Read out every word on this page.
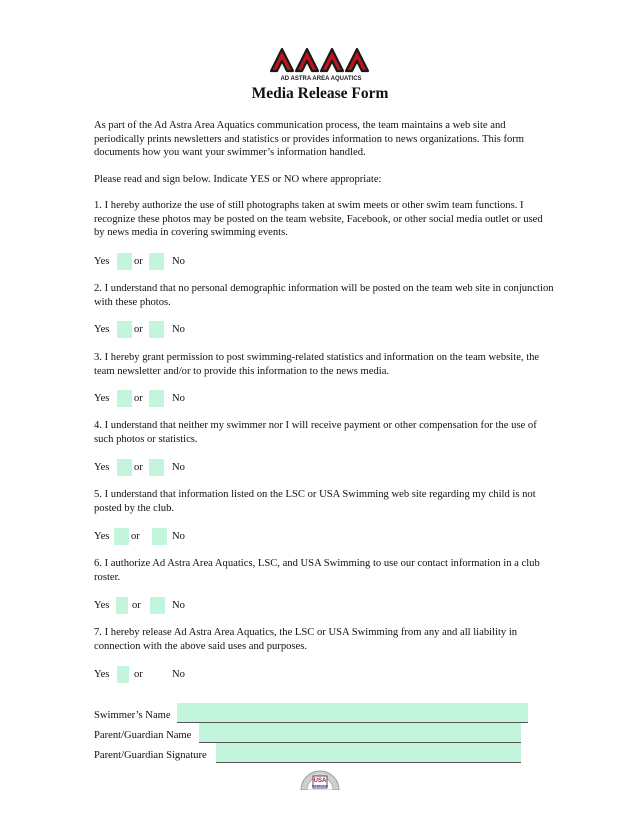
AD ASTRA AREA AQUATICS
Media Release Form

As part of the Ad Astra Area Aquatics communication process, the team maintains a web site and periodically prints newsletters and statistics or provides information to news organizations. This form documents how you want your swimmer’s information handled.

Please read and sign below. Indicate YES or NO where appropriate:

1. I hereby authorize the use of still photographs taken at swim meets or other swim team functions. I recognize these photos may be posted on the team website, Facebook, or other social media outlet or used by news media in covering swimming events.

Yes or	No

2. I understand that no personal demographic information will be posted on the team web site in conjunction with these photos.

Yes or	No

3. I hereby grant permission to post swimming-related statistics and information on the team website, the team newsletter and/or to provide this information to the news media.

Yes or	No

4. I understand that neither my swimmer nor I will receive payment or other compensation for the use of such photos or statistics.

Yes or	No

5. I understand that information listed on the LSC or USA Swimming web site regarding my child is not posted by the club.

Yes or	No

6. I authorize Ad Astra Area Aquatics, LSC, and USA Swimming to use our contact information in a club roster.

Yes or	No

7. I hereby release Ad Astra Area Aquatics, the LSC or USA Swimming from any and all liability in connection with the above said uses and purposes.

Yes or	No
Swimmer’s Name
Parent/Guardian Name
Parent/Guardian Signature
USA
SWIMMING
